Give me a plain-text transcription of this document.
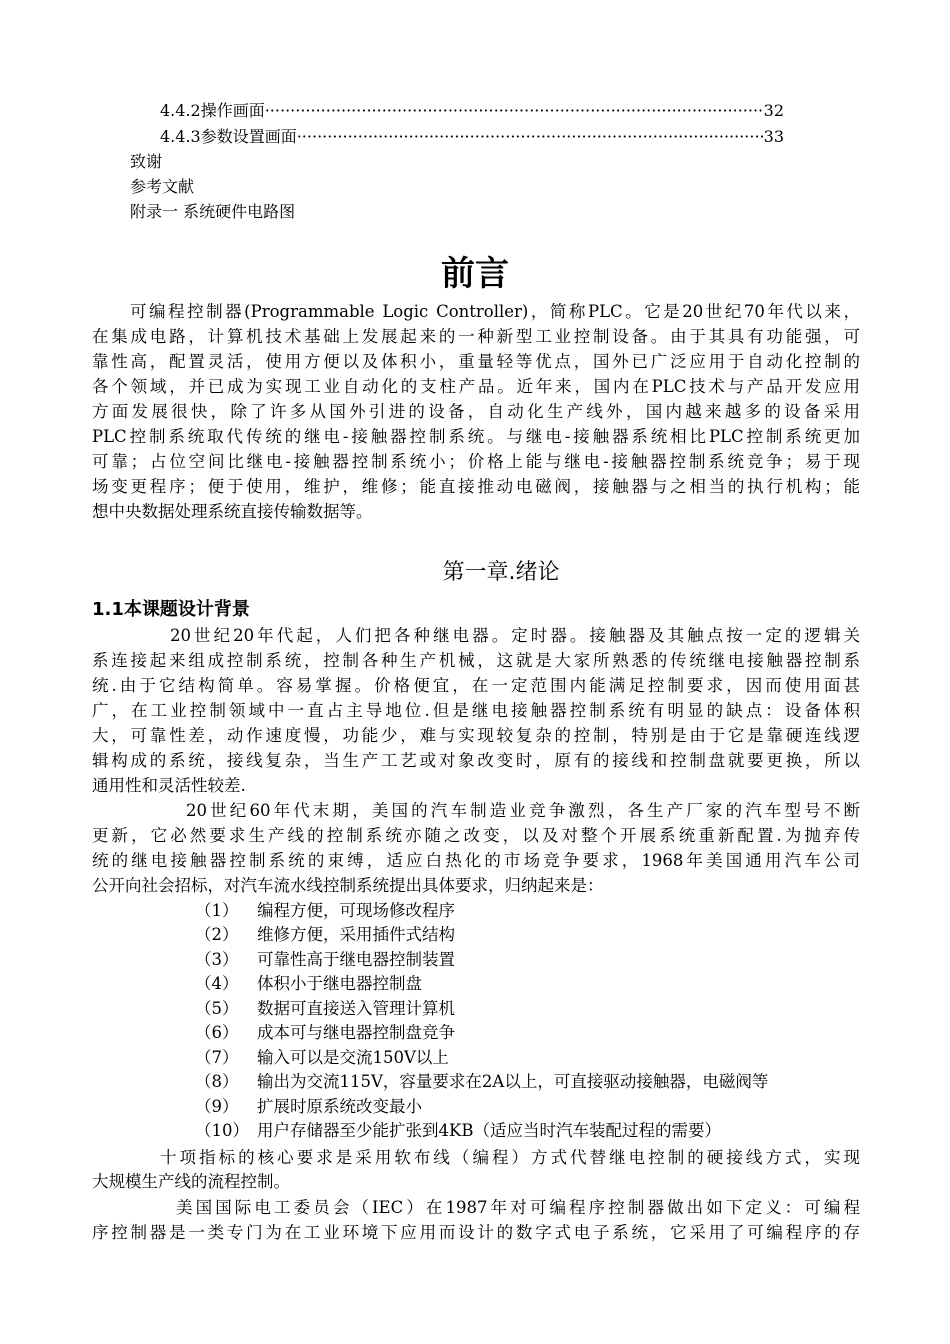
4.4.2操作画面 ·····	32
4.4.3参数设置画面 ·····	33
致谢
参考文献
附录一 系统硬件电路图
前言
可编程控制器(Programmable Logic Controller)，简称PLC。它是20世纪70年代以来，
在集成电路，计算机技术基础上发展起来的一种新型工业控制设备。由于其具有功能强，可
靠性高，配置灵活，使用方便以及体积小，重量轻等优点，国外已广泛应用于自动化控制的
各个领域，并已成为实现工业自动化的支柱产品。近年来，国内在PLC技术与产品开发应用
方面发展很快，除了许多从国外引进的设备，自动化生产线外，国内越来越多的设备采用
PLC控制系统取代传统的继电-接触器控制系统。与继电-接触器系统相比PLC控制系统更加
可靠；占位空间比继电-接触器控制系统小；价格上能与继电-接触器控制系统竞争；易于现
场变更程序；便于使用，维护，维修；能直接推动电磁阀，接触器与之相当的执行机构；能
想中央数据处理系统直接传输数据等。
第一章.绪论
1.1本课题设计背景
20世纪20年代起，人们把各种继电器。定时器。接触器及其触点按一定的逻辑关
系连接起来组成控制系统，控制各种生产机械，这就是大家所熟悉的传统继电接触器控制系
统.由于它结构简单。容易掌握。价格便宜，在一定范围内能满足控制要求，因而使用面甚
广，在工业控制领域中一直占主导地位.但是继电接触器控制系统有明显的缺点：设备体积
大，可靠性差，动作速度慢，功能少，难与实现较复杂的控制，特别是由于它是靠硬连线逻
辑构成的系统，接线复杂，当生产工艺或对象改变时，原有的接线和控制盘就要更换，所以
通用性和灵活性较差.
20世纪60年代末期，美国的汽车制造业竞争激烈，各生产厂家的汽车型号不断
更新，它必然要求生产线的控制系统亦随之改变，以及对整个开展系统重新配置.为抛弃传
统的继电接触器控制系统的束缚，适应白热化的市场竞争要求，1968年美国通用汽车公司
公开向社会招标，对汽车流水线控制系统提出具体要求，归纳起来是：
（1） 编程方便，可现场修改程序
（2） 维修方便，采用插件式结构
（3） 可靠性高于继电器控制装置
（4） 体积小于继电器控制盘
（5） 数据可直接送入管理计算机
（6） 成本可与继电器控制盘竞争
（7） 输入可以是交流150V以上
（8） 输出为交流115V，容量要求在2A以上，可直接驱动接触器，电磁阀等
（9） 扩展时原系统改变最小
（10） 用户存储器至少能扩张到4KB（适应当时汽车装配过程的需要）
十项指标的核心要求是采用软布线（编程）方式代替继电控制的硬接线方式，实现
大规模生产线的流程控制。
美国国际电工委员会（IEC）在1987年对可编程序控制器做出如下定义：可编程
序控制器是一类专门为在工业环境下应用而设计的数字式电子系统，它采用了可编程序的存
